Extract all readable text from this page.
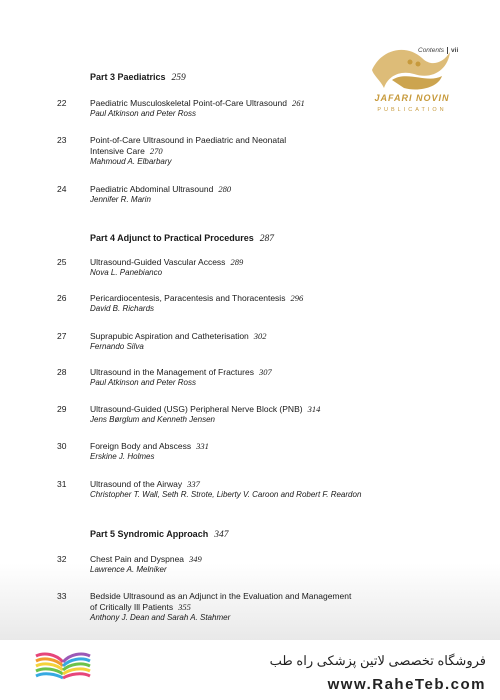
Contents vii
JAFARI NOVIN
PUBLICATION
Part 3 Paediatrics 259
22	Paediatric Musculoskeletal Point-of-Care Ultrasound 261
Paul Atkinson and Peter Ross
23	Point-of-Care Ultrasound in Paediatric and Neonatal
Intensive Care 270
Mahmoud A. Elbarbary
24	Paediatric Abdominal Ultrasound 280
Jennifer R. Marin
Part 4 Adjunct to Practical Procedures 287
25	Ultrasound-Guided Vascular Access 289
Nova L. Panebianco
26	Pericardiocentesis, Paracentesis and Thoracentesis 296
David B. Richards
27	Suprapubic Aspiration and Catheterisation 302
Fernando Silva
28	Ultrasound in the Management of Fractures 307
Paul Atkinson and Peter Ross
29	Ultrasound-Guided (USG) Peripheral Nerve Block (PNB) 314
Jens Børglum and Kenneth Jensen
30	Foreign Body and Abscess 331
Erskine J. Holmes
31	Ultrasound of the Airway 337
Christopher T. Wall, Seth R. Strote, Liberty V. Caroon and Robert F. Reardon
Part 5 Syndromic Approach 347
32	Chest Pain and Dyspnea 349
Lawrence A. Melniker
33	Bedside Ultrasound as an Adjunct in the Evaluation and Management
of Critically Ill Patients 355
Anthony J. Dean and Sarah A. Stahmer
فروشگاه تخصصی لاتین پزشکی راه طب
www.RaheTeb.com
